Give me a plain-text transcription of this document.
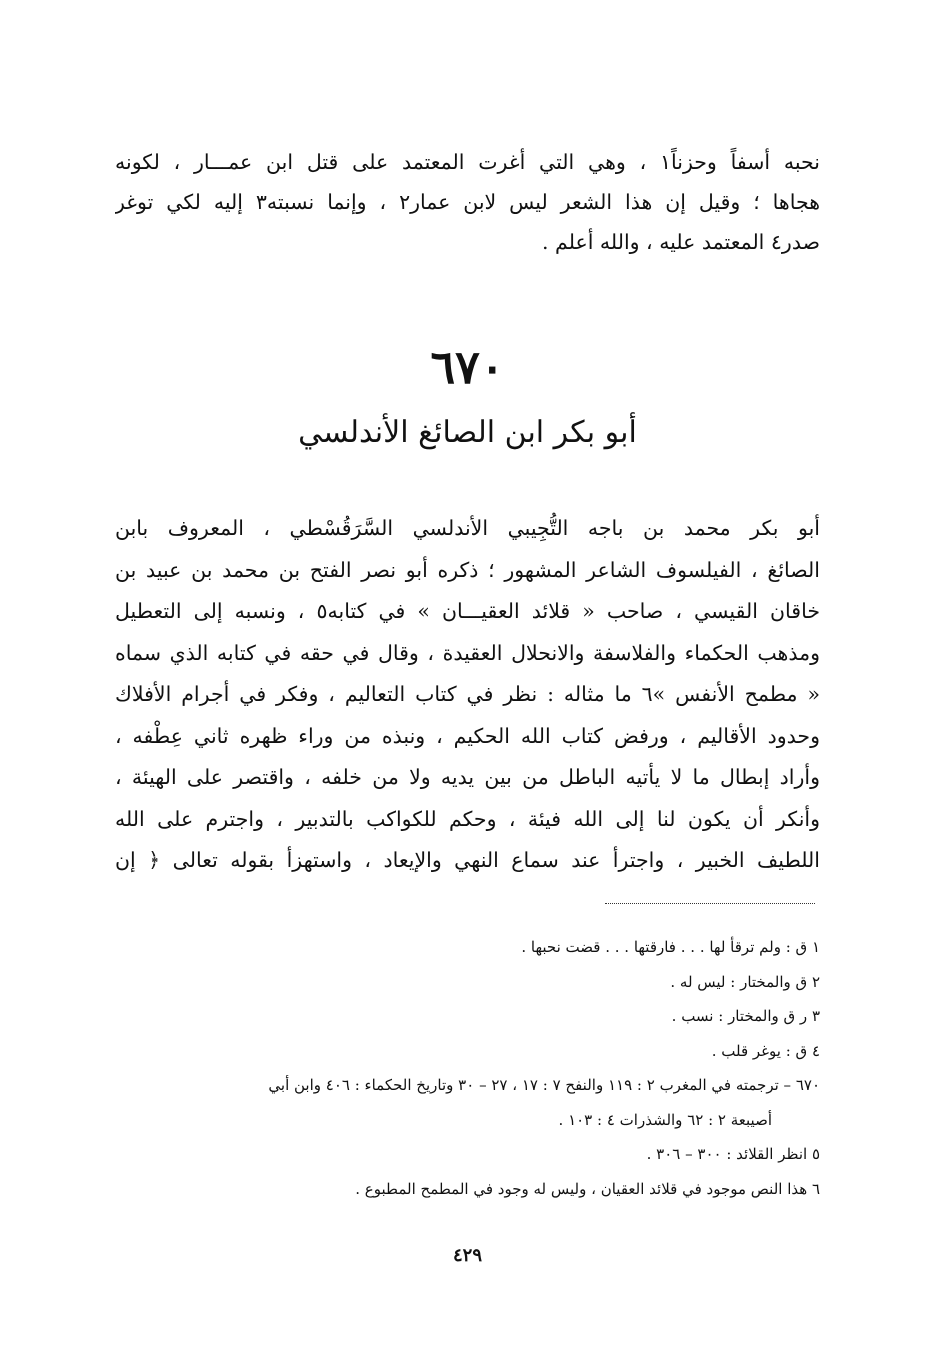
نحبه أسفاً وحزناً١ ، وهي التي أغرت المعتمد على قتل ابن عمـــار ، لكونه
هجاها ؛ وقيل إن هذا الشعر ليس لابن عمار٢ ، وإنما نسبته٣ إليه لكي توغر
صدر٤ المعتمد عليه ، والله أعلم .
٦٧٠
أبو بكر ابن الصائغ الأندلسي
أبو بكر محمد بن باجه التُّجِيبي الأندلسي السَّرَقُسْطي ، المعروف بابن
الصائغ ، الفيلسوف الشاعر المشهور ؛ ذكره أبو نصر الفتح بن محمد بن عبيد بن
خاقان القيسي ، صاحب « قلائد العقيـــان » في كتابه٥ ، ونسبه إلى التعطيل
ومذهب الحكماء والفلاسفة والانحلال العقيدة ، وقال في حقه في كتابه الذي سماه
« مطمح الأنفس »٦ ما مثاله : نظر في كتاب التعاليم ، وفكر في أجرام الأفلاك
وحدود الأقاليم ، ورفض كتاب الله الحكيم ، ونبذه من وراء ظهره ثاني عِطْفه ،
وأراد إبطال ما لا يأتيه الباطل من بين يديه ولا من خلفه ، واقتصر على الهيئة ،
وأنكر أن يكون لنا إلى الله فيئة ، وحكم للكواكب بالتدبير ، واجترم على الله
اللطيف الخبير ، واجترأ عند سماع النهي والإيعاد ، واستهزأ بقوله تعالى ﴿ إن
١ ق : ولم ترقأ لها . . . فارقتها . . . قضت نحبها .
٢ ق والمختار : ليس له .
٣ ر ق والمختار : نسب .
٤ ق : يوغر قلب .
٦٧٠ – ترجمته في المغرب ٢ : ١١٩ والنفح ٧ : ١٧ ، ٢٧ – ٣٠ وتاريخ الحكماء : ٤٠٦ وابن أبي
أصيبعة ٢ : ٦٢ والشذرات ٤ : ١٠٣ .
٥ انظر القلائد : ٣٠٠ – ٣٠٦ .
٦ هذا النص موجود في قلائد العقيان ، وليس له وجود في المطمح المطبوع .
٤٢٩
